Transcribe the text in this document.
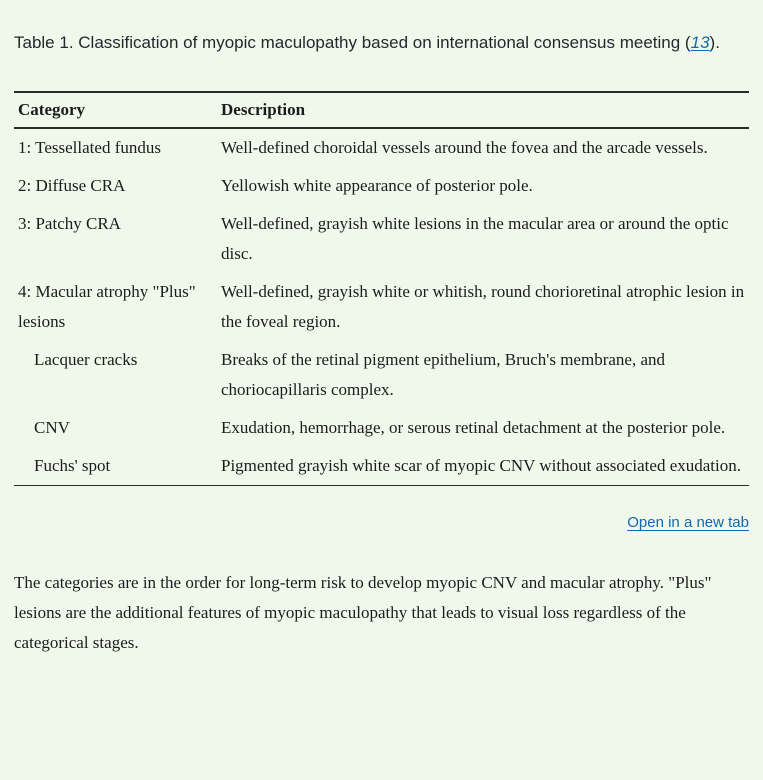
Table 1. Classification of myopic maculopathy based on international consensus meeting (13).

Category	Description
1: Tessellated fundus	Well-defined choroidal vessels around the fovea and the arcade vessels.
2: Diffuse CRA	Yellowish white appearance of posterior pole.
3: Patchy CRA	Well-defined, grayish white lesions in the macular area or around the optic disc.
4: Macular atrophy "Plus" lesions	Well-defined, grayish white or whitish, round chorioretinal atrophic lesion in the foveal region.
Lacquer cracks	Breaks of the retinal pigment epithelium, Bruch's membrane, and choriocapillaris complex.
CNV	Exudation, hemorrhage, or serous retinal detachment at the posterior pole.
Fuchs' spot	Pigmented grayish white scar of myopic CNV without associated exudation.
Open in a new tab

The categories are in the order for long-term risk to develop myopic CNV and macular atrophy. "Plus" lesions are the additional features of myopic maculopathy that leads to visual loss regardless of the categorical stages.
